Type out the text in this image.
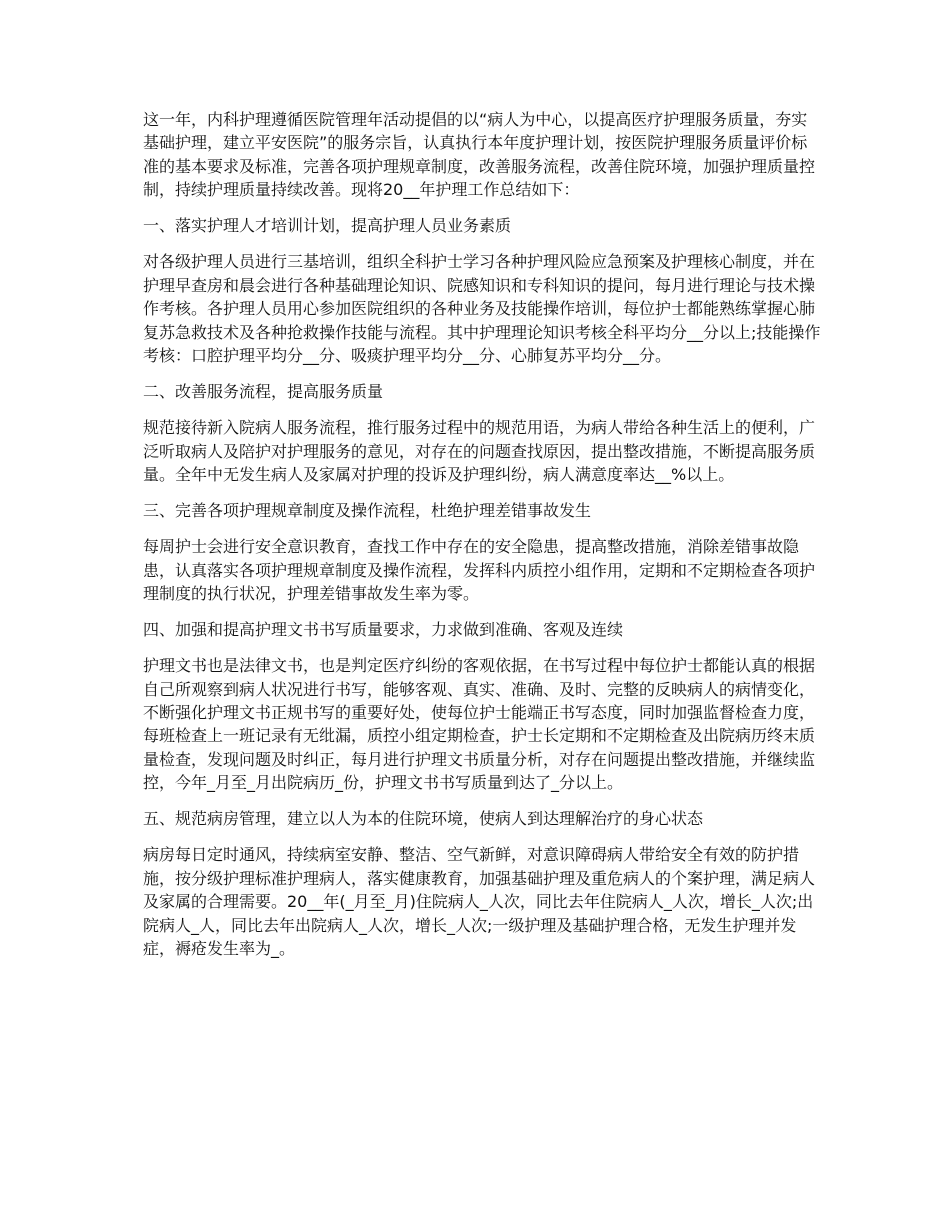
这一年，内科护理遵循医院管理年活动提倡的以“病人为中心，以提高医疗护理服务质量，夯实基础护理，建立平安医院”的服务宗旨，认真执行本年度护理计划，按医院护理服务质量评价标准的基本要求及标准，完善各项护理规章制度，改善服务流程，改善住院环境，加强护理质量控制，持续护理质量持续改善。现将20__年护理工作总结如下：

一、落实护理人才培训计划，提高护理人员业务素质

对各级护理人员进行三基培训，组织全科护士学习各种护理风险应急预案及护理核心制度，并在护理早查房和晨会进行各种基础理论知识、院感知识和专科知识的提问，每月进行理论与技术操作考核。各护理人员用心参加医院组织的各种业务及技能操作培训，每位护士都能熟练掌握心肺复苏急救技术及各种抢救操作技能与流程。其中护理理论知识考核全科平均分__分以上;技能操作考核：口腔护理平均分__分、吸痰护理平均分__分、心肺复苏平均分__分。

二、改善服务流程，提高服务质量

规范接待新入院病人服务流程，推行服务过程中的规范用语，为病人带给各种生活上的便利，广泛听取病人及陪护对护理服务的意见，对存在的问题查找原因，提出整改措施，不断提高服务质量。全年中无发生病人及家属对护理的投诉及护理纠纷，病人满意度率达__%以上。

三、完善各项护理规章制度及操作流程，杜绝护理差错事故发生

每周护士会进行安全意识教育，查找工作中存在的安全隐患，提高整改措施，消除差错事故隐患，认真落实各项护理规章制度及操作流程，发挥科内质控小组作用，定期和不定期检查各项护理制度的执行状况，护理差错事故发生率为零。

四、加强和提高护理文书书写质量要求，力求做到准确、客观及连续

护理文书也是法律文书，也是判定医疗纠纷的客观依据，在书写过程中每位护士都能认真的根据自己所观察到病人状况进行书写，能够客观、真实、准确、及时、完整的反映病人的病情变化，不断强化护理文书正规书写的重要好处，使每位护士能端正书写态度，同时加强监督检查力度，每班检查上一班记录有无纰漏，质控小组定期检查，护士长定期和不定期检查及出院病历终末质量检查，发现问题及时纠正，每月进行护理文书质量分析，对存在问题提出整改措施，并继续监控，今年_月至_月出院病历_份，护理文书书写质量到达了_分以上。

五、规范病房管理，建立以人为本的住院环境，使病人到达理解治疗的身心状态

病房每日定时通风，持续病室安静、整洁、空气新鲜，对意识障碍病人带给安全有效的防护措施，按分级护理标准护理病人，落实健康教育，加强基础护理及重危病人的个案护理，满足病人及家属的合理需要。20__年(_月至_月)住院病人_人次，同比去年住院病人_人次，增长_人次;出院病人_人，同比去年出院病人_人次，增长_人次;一级护理及基础护理合格，无发生护理并发症，褥疮发生率为_。
